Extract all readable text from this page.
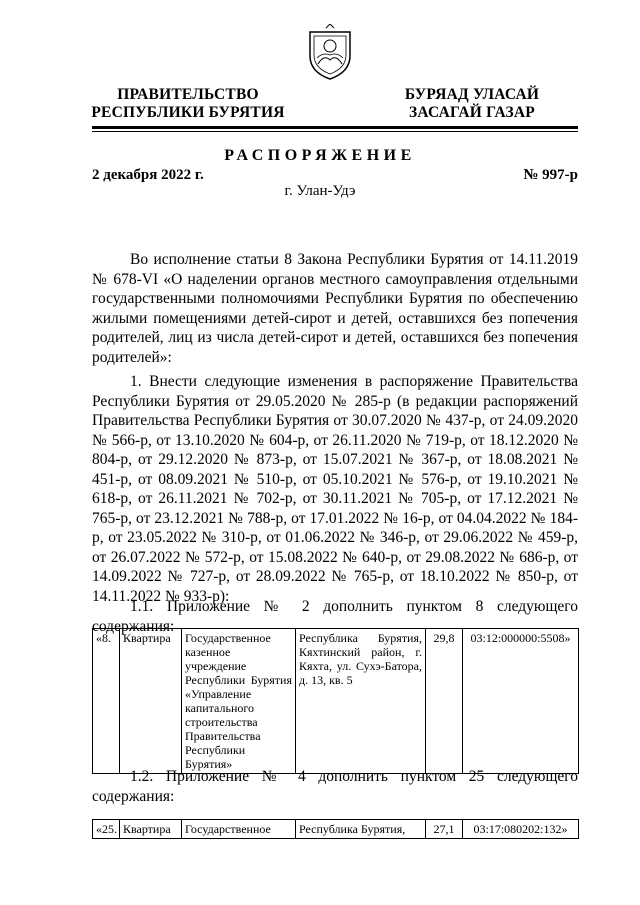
ПРАВИТЕЛЬСТВО
РЕСПУБЛИКИ БУРЯТИЯ
БУРЯАД УЛАСАЙ
ЗАСАГАЙ ГАЗАР
РАСПОРЯЖЕНИЕ
2 декабря 2022 г.	№ 997-р
г. Улан-Удэ

Во исполнение статьи 8 Закона Республики Бурятия от 14.11.2019 № 678-VI «О наделении органов местного самоуправления отдельными государственными полномочиями Республики Бурятия по обеспечению жилыми помещениями детей-сирот и детей, оставшихся без попечения родителей, лиц из числа детей-сирот и детей, оставшихся без попечения родителей»:

1. Внести следующие изменения в распоряжение Правительства Республики Бурятия от 29.05.2020 № 285-р (в редакции распоряжений Правительства Республики Бурятия от 30.07.2020 № 437-р, от 24.09.2020 № 566-р, от 13.10.2020 № 604-р, от 26.11.2020 № 719-р, от 18.12.2020 № 804-р, от 29.12.2020 № 873-р, от 15.07.2021 № 367-р, от 18.08.2021 № 451-р, от 08.09.2021 № 510-р, от 05.10.2021 № 576-р, от 19.10.2021 № 618-р, от 26.11.2021 № 702-р, от 30.11.2021 № 705-р, от 17.12.2021 № 765-р, от 23.12.2021 № 788-р, от 17.01.2022 № 16-р, от 04.04.2022 № 184-р, от 23.05.2022 № 310-р, от 01.06.2022 № 346-р, от 29.06.2022 № 459-р, от 26.07.2022 № 572-р, от 15.08.2022 № 640-р, от 29.08.2022 № 686-р, от 14.09.2022 № 727-р, от 28.09.2022 № 765-р, от 18.10.2022 № 850-р, от 14.11.2022 № 933-р):

1.1. Приложение № 2 дополнить пунктом 8 следующего содержания:

«8.	Квартира	Государственное казенное учреждение Республики Бурятия «Управление капитального строительства Правительства Республики Бурятия»	Республика Бурятия, Кяхтинский район, г. Кяхта, ул. Сухэ-Батора, д. 13, кв. 5	29,8	03:12:000000:5508»

1.2. Приложение № 4 дополнить пунктом 25 следующего содержания:

«25.	Квартира	Государственное	Республика Бурятия,	27,1	03:17:080202:132»
